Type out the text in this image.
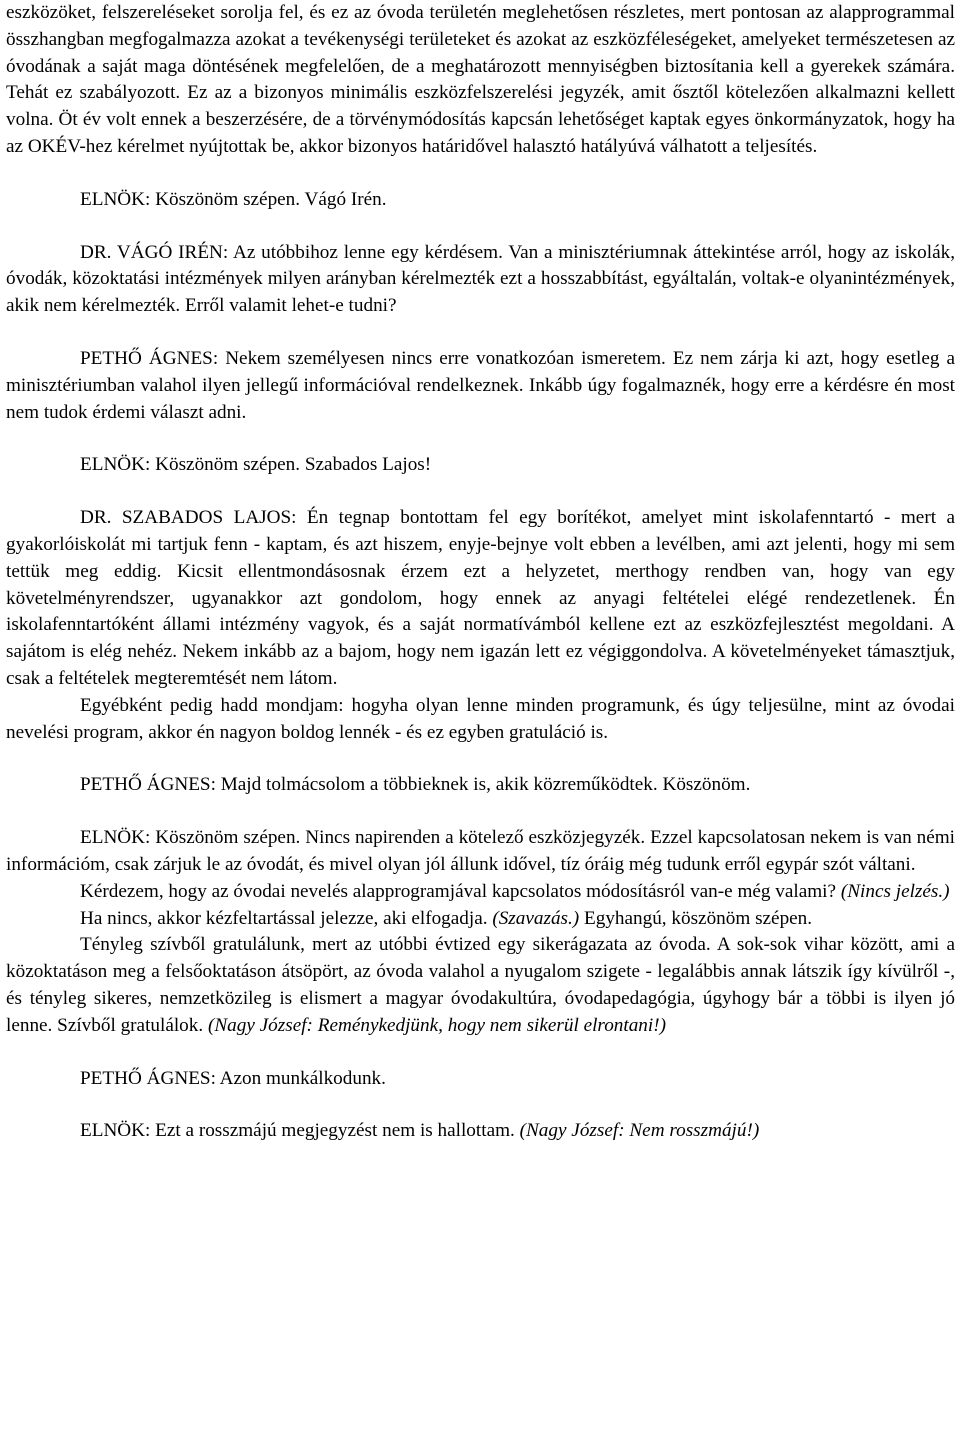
eszközöket, felszereléseket sorolja fel, és ez az óvoda területén meglehetősen részletes, mert pontosan az alapprogrammal összhangban megfogalmazza azokat a tevékenységi területeket és azokat az eszközféleségeket, amelyeket természetesen az óvodának a saját maga döntésének megfelelően, de a meghatározott mennyiségben biztosítania kell a gyerekek számára. Tehát ez szabályozott. Ez az a bizonyos minimális eszközfelszerelési jegyzék, amit ősztől kötelezően alkalmazni kellett volna. Öt év volt ennek a beszerzésére, de a törvénymódosítás kapcsán lehetőséget kaptak egyes önkormányzatok, hogy ha az OKÉV-hez kérelmet nyújtottak be, akkor bizonyos határidővel halasztó hatályúvá válhatott a teljesítés.

ELNÖK: Köszönöm szépen. Vágó Irén.

DR. VÁGÓ IRÉN: Az utóbbihoz lenne egy kérdésem. Van a minisztériumnak áttekintése arról, hogy az iskolák, óvodák, közoktatási intézmények milyen arányban kérelmezték ezt a hosszabbítást, egyáltalán, voltak-e olyanintézmények, akik nem kérelmezték. Erről valamit lehet-e tudni?

PETHŐ ÁGNES: Nekem személyesen nincs erre vonatkozóan ismeretem. Ez nem zárja ki azt, hogy esetleg a minisztériumban valahol ilyen jellegű információval rendelkeznek. Inkább úgy fogalmaznék, hogy erre a kérdésre én most nem tudok érdemi választ adni.

ELNÖK: Köszönöm szépen. Szabados Lajos!

DR. SZABADOS LAJOS: Én tegnap bontottam fel egy borítékot, amelyet mint iskolafenntartó - mert a gyakorlóiskolát mi tartjuk fenn - kaptam, és azt hiszem, enyje-bejnye volt ebben a levélben, ami azt jelenti, hogy mi sem tettük meg eddig. Kicsit ellentmondásosnak érzem ezt a helyzetet, merthogy rendben van, hogy van egy követelményrendszer, ugyanakkor azt gondolom, hogy ennek az anyagi feltételei elégé rendezetlenek. Én iskolafenntartóként állami intézmény vagyok, és a saját normatívámból kellene ezt az eszközfejlesztést megoldani. A sajátom is elég nehéz. Nekem inkább az a bajom, hogy nem igazán lett ez végiggondolva. A követelményeket támasztjuk, csak a feltételek megteremtését nem látom.

Egyébként pedig hadd mondjam: hogyha olyan lenne minden programunk, és úgy teljesülne, mint az óvodai nevelési program, akkor én nagyon boldog lennék - és ez egyben gratuláció is.

PETHŐ ÁGNES: Majd tolmácsolom a többieknek is, akik közreműködtek. Köszönöm.

ELNÖK: Köszönöm szépen. Nincs napirenden a kötelező eszközjegyzék. Ezzel kapcsolatosan nekem is van némi információm, csak zárjuk le az óvodát, és mivel olyan jól állunk idővel, tíz óráig még tudunk erről egypár szót váltani.

Kérdezem, hogy az óvodai nevelés alapprogramjával kapcsolatos módosításról van-e még valami? (Nincs jelzés.)

Ha nincs, akkor kézfeltartással jelezze, aki elfogadja. (Szavazás.) Egyhangú, köszönöm szépen.

Tényleg szívből gratulálunk, mert az utóbbi évtized egy sikerágazata az óvoda. A sok-sok vihar között, ami a közoktatáson meg a felsőoktatáson átsöpört, az óvoda valahol a nyugalom szigete - legalábbis annak látszik így kívülről -, és tényleg sikeres, nemzetközileg is elismert a magyar óvodakultúra, óvodapedagógia, úgyhogy bár a többi is ilyen jó lenne. Szívből gratulálok. (Nagy József: Reménykedjünk, hogy nem sikerül elrontani!)

PETHŐ ÁGNES: Azon munkálkodunk.

ELNÖK: Ezt a rosszmájú megjegyzést nem is hallottam. (Nagy József: Nem rosszmájú!)
